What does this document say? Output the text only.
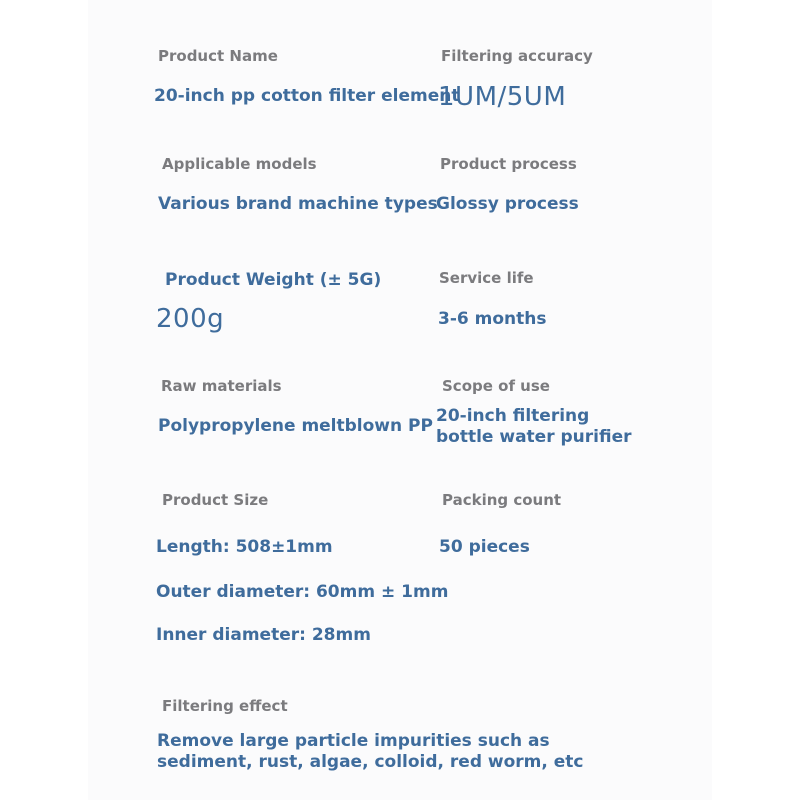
Product Name
20-inch pp cotton filter element
Filtering accuracy
1UM/5UM
Applicable models
Various brand machine types
Product process
Glossy process
Product Weight (± 5G)
200g
Service life
3-6 months
Raw materials
Polypropylene meltblown PP
Scope of use
20-inch filtering bottle water purifier
Product Size
Length: 508±1mm
Outer diameter: 60mm ± 1mm
Inner diameter: 28mm
Packing count
50 pieces
Filtering effect
Remove large particle impurities such as sediment, rust, algae, colloid, red worm, etc
